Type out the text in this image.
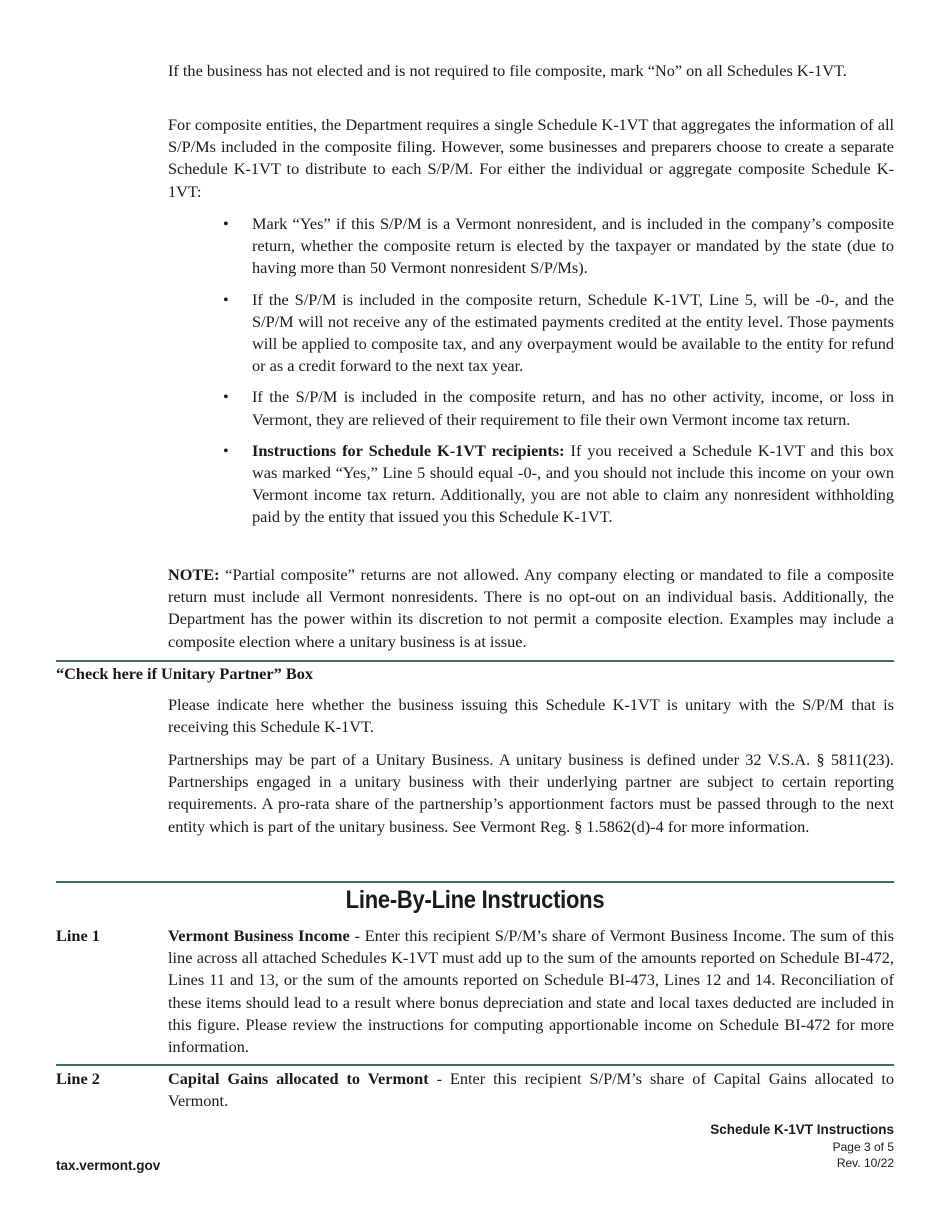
If the business has not elected and is not required to file composite, mark “No” on all Schedules K-1VT.

For composite entities, the Department requires a single Schedule K-1VT that aggregates the information of all S/P/Ms included in the composite filing. However, some businesses and preparers choose to create a separate Schedule K-1VT to distribute to each S/P/M. For either the individual or aggregate composite Schedule K-1VT:

• Mark “Yes” if this S/P/M is a Vermont nonresident, and is included in the company’s composite return, whether the composite return is elected by the taxpayer or mandated by the state (due to having more than 50 Vermont nonresident S/P/Ms).
• If the S/P/M is included in the composite return, Schedule K-1VT, Line 5, will be -0-, and the S/P/M will not receive any of the estimated payments credited at the entity level. Those payments will be applied to composite tax, and any overpayment would be available to the entity for refund or as a credit forward to the next tax year.
• If the S/P/M is included in the composite return, and has no other activity, income, or loss in Vermont, they are relieved of their requirement to file their own Vermont income tax return.
• Instructions for Schedule K-1VT recipients: If you received a Schedule K-1VT and this box was marked “Yes,” Line 5 should equal -0-, and you should not include this income on your own Vermont income tax return. Additionally, you are not able to claim any nonresident withholding paid by the entity that issued you this Schedule K-1VT.

NOTE: “Partial composite” returns are not allowed. Any company electing or mandated to file a composite return must include all Vermont nonresidents. There is no opt-out on an individual basis. Additionally, the Department has the power within its discretion to not permit a composite election. Examples may include a composite election where a unitary business is at issue.

“Check here if Unitary Partner” Box

Please indicate here whether the business issuing this Schedule K-1VT is unitary with the S/P/M that is receiving this Schedule K-1VT.

Partnerships may be part of a Unitary Business. A unitary business is defined under 32 V.S.A. § 5811(23). Partnerships engaged in a unitary business with their underlying partner are subject to certain reporting requirements. A pro-rata share of the partnership’s apportionment factors must be passed through to the next entity which is part of the unitary business. See Vermont Reg. § 1.5862(d)-4 for more information.

Line-By-Line Instructions
Line 1	Vermont Business Income - Enter this recipient S/P/M’s share of Vermont Business Income. The sum of this line across all attached Schedules K-1VT must add up to the sum of the amounts reported on Schedule BI-472, Lines 11 and 13, or the sum of the amounts reported on Schedule BI-473, Lines 12 and 14. Reconciliation of these items should lead to a result where bonus depreciation and state and local taxes deducted are included in this figure. Please review the instructions for computing apportionable income on Schedule BI-472 for more information.

Line 2	Capital Gains allocated to Vermont - Enter this recipient S/P/M’s share of Capital Gains allocated to Vermont.

Schedule K-1VT Instructions
Page 3 of 5
Rev. 10/22
tax.vermont.gov
